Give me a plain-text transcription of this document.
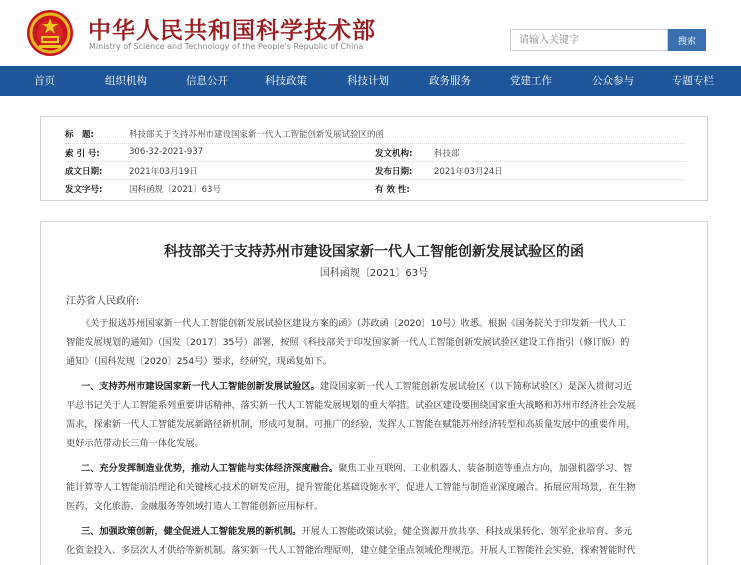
中华人民共和国科学技术部
Ministry of Science and Technology of the People's Republic of China
请输入关键字	搜索
首页	组织机构	信息公开	科技政策	科技计划	政务服务	党建工作	公众参与	专题专栏
标　题:	科技部关于支持苏州市建设国家新一代人工智能创新发展试验区的函
索 引 号:	306-32-2021-937	发文机构:	科技部
成文日期:	2021年03月19日	发布日期:	2021年03月24日
发文字号:	国科函规〔2021〕63号	有 效 性:
科技部关于支持苏州市建设国家新一代人工智能创新发展试验区的函
国科函规〔2021〕63号
江苏省人民政府:
《关于报送苏州国家新一代人工智能创新发展试验区建设方案的函》（苏政函〔2020〕10号）收悉。根据《国务院关于印发新一代人工
智能发展规划的通知》（国发〔2017〕35号）部署，按照《科技部关于印发国家新一代人工智能创新发展试验区建设工作指引（修订版）的
通知》（国科发规〔2020〕254号）要求，经研究，现函复如下。
一、支持苏州市建设国家新一代人工智能创新发展试验区。建设国家新一代人工智能创新发展试验区（以下简称试验区）是深入贯彻习近
平总书记关于人工智能系列重要讲话精神、落实新一代人工智能发展规划的重大举措。试验区建设要围绕国家重大战略和苏州市经济社会发展
需求，探索新一代人工智能发展新路径新机制，形成可复制、可推广的经验，发挥人工智能在赋能苏州经济转型和高质量发展中的重要作用，
更好示范带动长三角一体化发展。
二、充分发挥制造业优势，推动人工智能与实体经济深度融合。聚焦工业互联网、工业机器人、装备制造等重点方向，加强机器学习、智
能计算等人工智能前沿理论和关键核心技术的研发应用，提升智能化基础设施水平，促进人工智能与制造业深度融合。拓展应用场景，在生物
医药、文化旅游、金融服务等领域打造人工智能创新应用标杆。
三、加强政策创新，健全促进人工智能发展的新机制。开展人工智能政策试验，健全资源开放共享、科技成果转化、领军企业培育、多元
化资金投入、多层次人才供给等新机制。落实新一代人工智能治理原则，建立健全重点领域伦理规范。开展人工智能社会实验，探索智能时代
